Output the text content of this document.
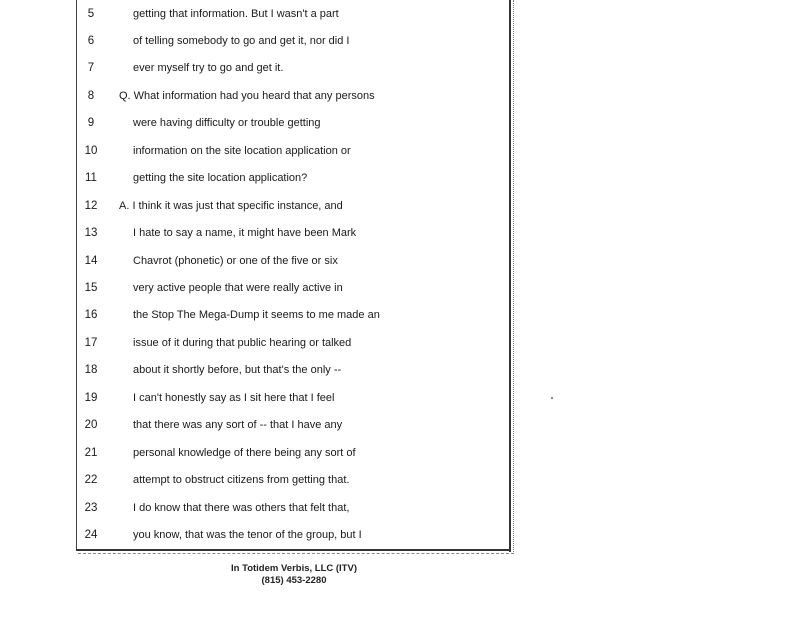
5	getting that information. But I wasn't a part
6	of telling somebody to go and get it, nor did I
7	ever myself try to go and get it.
8	Q. What information had you heard that any persons
9	were having difficulty or trouble getting
10	information on the site location application or
11	getting the site location application?
12	A. I think it was just that specific instance, and
13	I hate to say a name, it might have been Mark
14	Chavrot (phonetic) or one of the five or six
15	very active people that were really active in
16	the Stop The Mega-Dump it seems to me made an
17	issue of it during that public hearing or talked
18	about it shortly before, but that's the only --
19	I can't honestly say as I sit here that I feel
20	that there was any sort of -- that I have any
21	personal knowledge of there being any sort of
22	attempt to obstruct citizens from getting that.
23	I do know that there was others that felt that,
24	you know, that was the tenor of the group, but I
In Totidem Verbis, LLC (ITV)
(815) 453-2280
